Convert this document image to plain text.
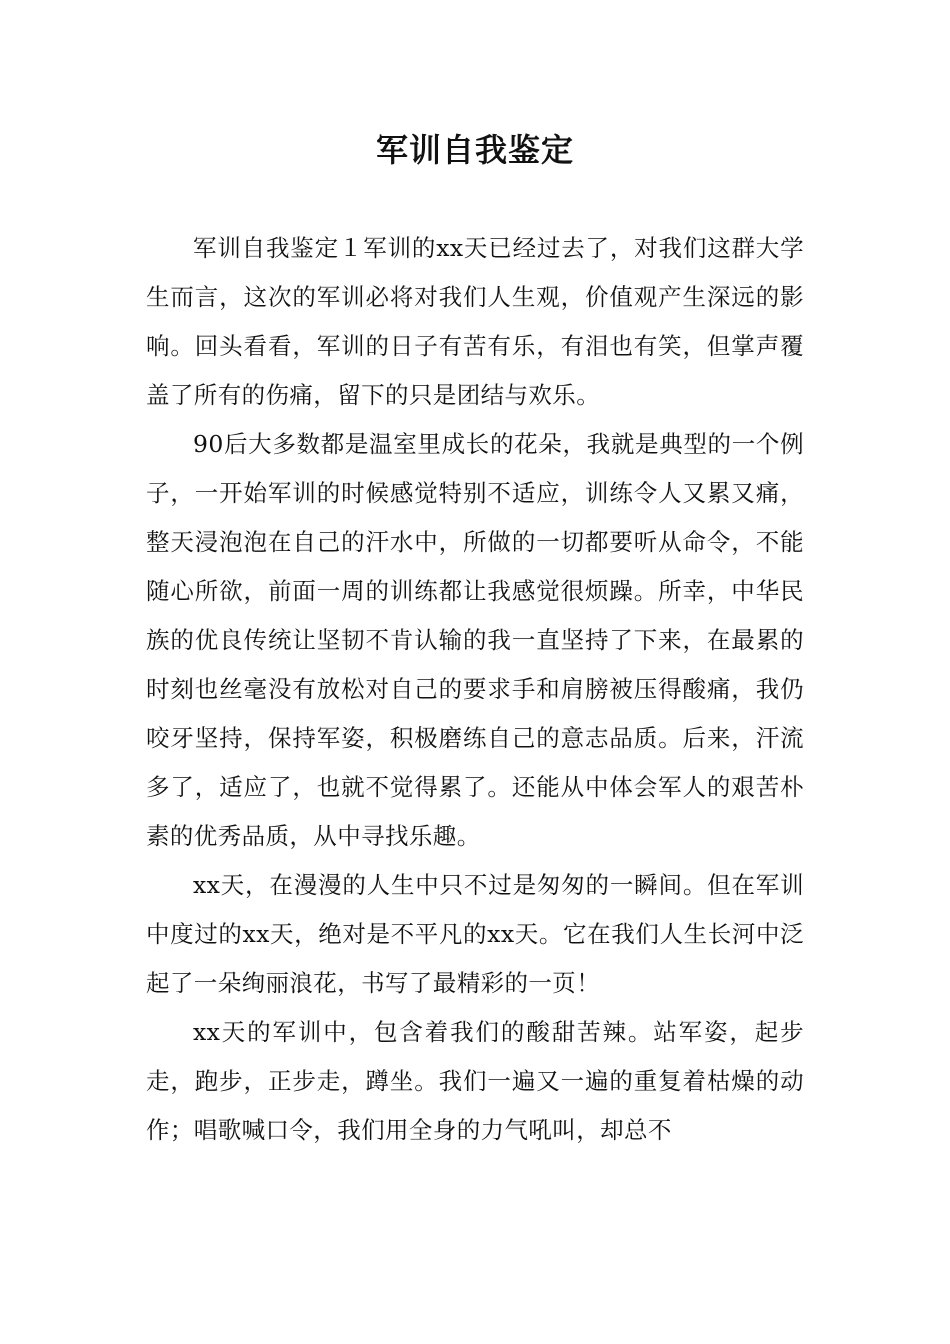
军训自我鉴定

军训自我鉴定１军训的xx天已经过去了，对我们这群大学生而言，这次的军训必将对我们人生观，价值观产生深远的影响。回头看看，军训的日子有苦有乐，有泪也有笑，但掌声覆盖了所有的伤痛，留下的只是团结与欢乐。

90后大多数都是温室里成长的花朵，我就是典型的一个例子，一开始军训的时候感觉特别不适应，训练令人又累又痛，整天浸泡泡在自己的汗水中，所做的一切都要听从命令，不能随心所欲，前面一周的训练都让我感觉很烦躁。所幸，中华民族的优良传统让坚韧不肯认输的我一直坚持了下来，在最累的时刻也丝毫没有放松对自己的要求手和肩膀被压得酸痛，我仍咬牙坚持，保持军姿，积极磨练自己的意志品质。后来，汗流多了，适应了，也就不觉得累了。还能从中体会军人的艰苦朴素的优秀品质，从中寻找乐趣。

xx天，在漫漫的人生中只不过是匆匆的一瞬间。但在军训中度过的xx天，绝对是不平凡的xx天。它在我们人生长河中泛起了一朵绚丽浪花，书写了最精彩的一页！

xx天的军训中，包含着我们的酸甜苦辣。站军姿，起步走，跑步，正步走，蹲坐。我们一遍又一遍的重复着枯燥的动作；唱歌喊口令，我们用全身的力气吼叫，却总不
